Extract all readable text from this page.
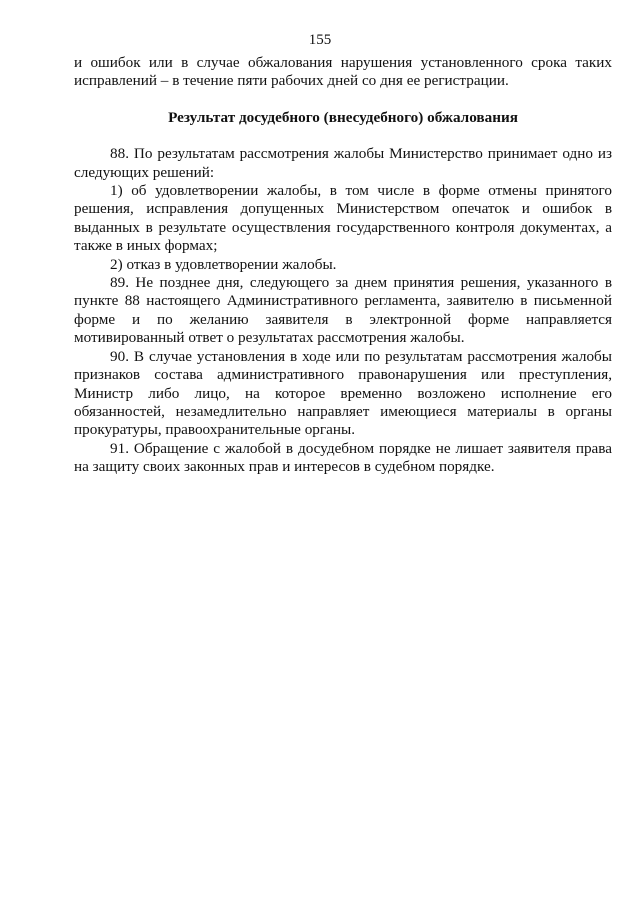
155

и ошибок или в случае обжалования нарушения установленного срока таких исправлений – в течение пяти рабочих дней со дня ее регистрации.

Результат досудебного (внесудебного) обжалования

88. По результатам рассмотрения жалобы Министерство принимает одно из следующих решений:

1) об удовлетворении жалобы, в том числе в форме отмены принятого решения, исправления допущенных Министерством опечаток и ошибок в выданных в результате осуществления государственного контроля документах, а также в иных формах;

2) отказ в удовлетворении жалобы.

89. Не позднее дня, следующего за днем принятия решения, указанного в пункте 88 настоящего Административного регламента, заявителю в письменной форме и по желанию заявителя в электронной форме направляется мотивированный ответ о результатах рассмотрения жалобы.

90. В случае установления в ходе или по результатам рассмотрения жалобы признаков состава административного правонарушения или преступления, Министр либо лицо, на которое временно возложено исполнение его обязанностей, незамедлительно направляет имеющиеся материалы в органы прокуратуры, правоохранительные органы.

91. Обращение с жалобой в досудебном порядке не лишает заявителя права на защиту своих законных прав и интересов в судебном порядке.
